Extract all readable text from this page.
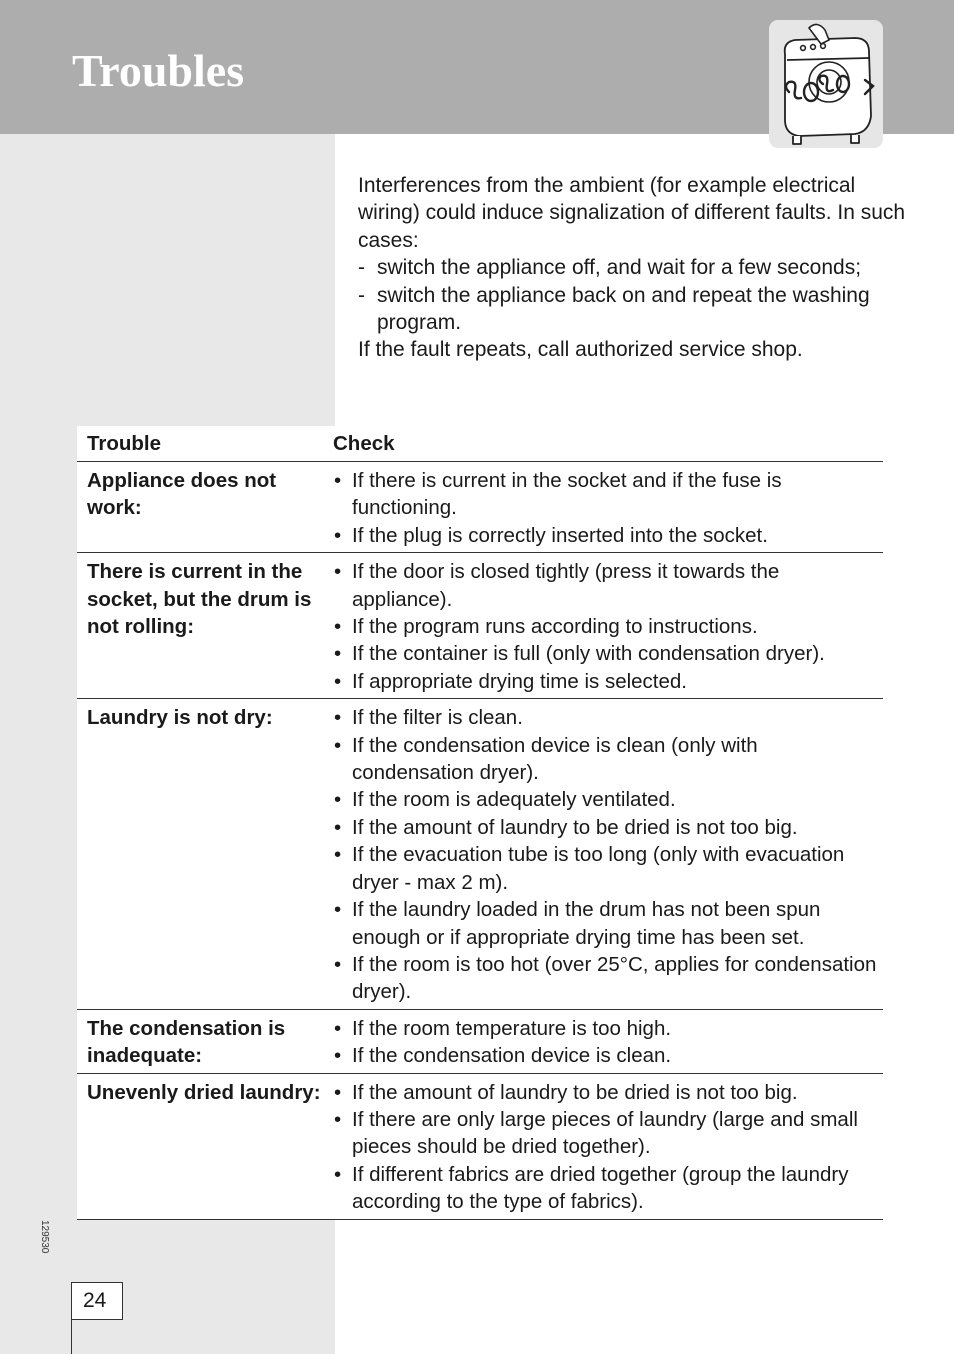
Troubles

Interferences from the ambient (for example electrical wiring) could induce signalization of different faults. In such cases:

- switch the appliance off, and wait for a few seconds;

- switch the appliance back on and repeat the washing program.

If the fault repeats, call authorized service shop.

Trouble	Check
Appliance does not work:
• If there is current in the socket and if the fuse is functioning.
• If the plug is correctly inserted into the socket.
There is current in the socket, but the drum is not rolling:
• If the door is closed tightly (press it towards the appliance).
• If the program runs according to instructions.
• If the container is full (only with condensation dryer).
• If appropriate drying time is selected.
Laundry is not dry:	• If the filter is clean.
• If the condensation device is clean (only with condensation dryer).
• If the room is adequately ventilated.
• If the amount of laundry to be dried is not too big.
• If the evacuation tube is too long (only with evacuation dryer - max 2 m).
• If the laundry loaded in the drum has not been spun enough or if appropriate drying time has been set.
• If the room is too hot (over 25°C, applies for condensation dryer).
The condensation is inadequate:
• If the room temperature is too high.
• If the condensation device is clean.
Unevenly dried laundry:	• If the amount of laundry to be dried is not too big.
• If there are only large pieces of laundry (large and small pieces should be dried together).
• If different fabrics are dried together (group the laundry according to the type of fabrics).
129530
24
